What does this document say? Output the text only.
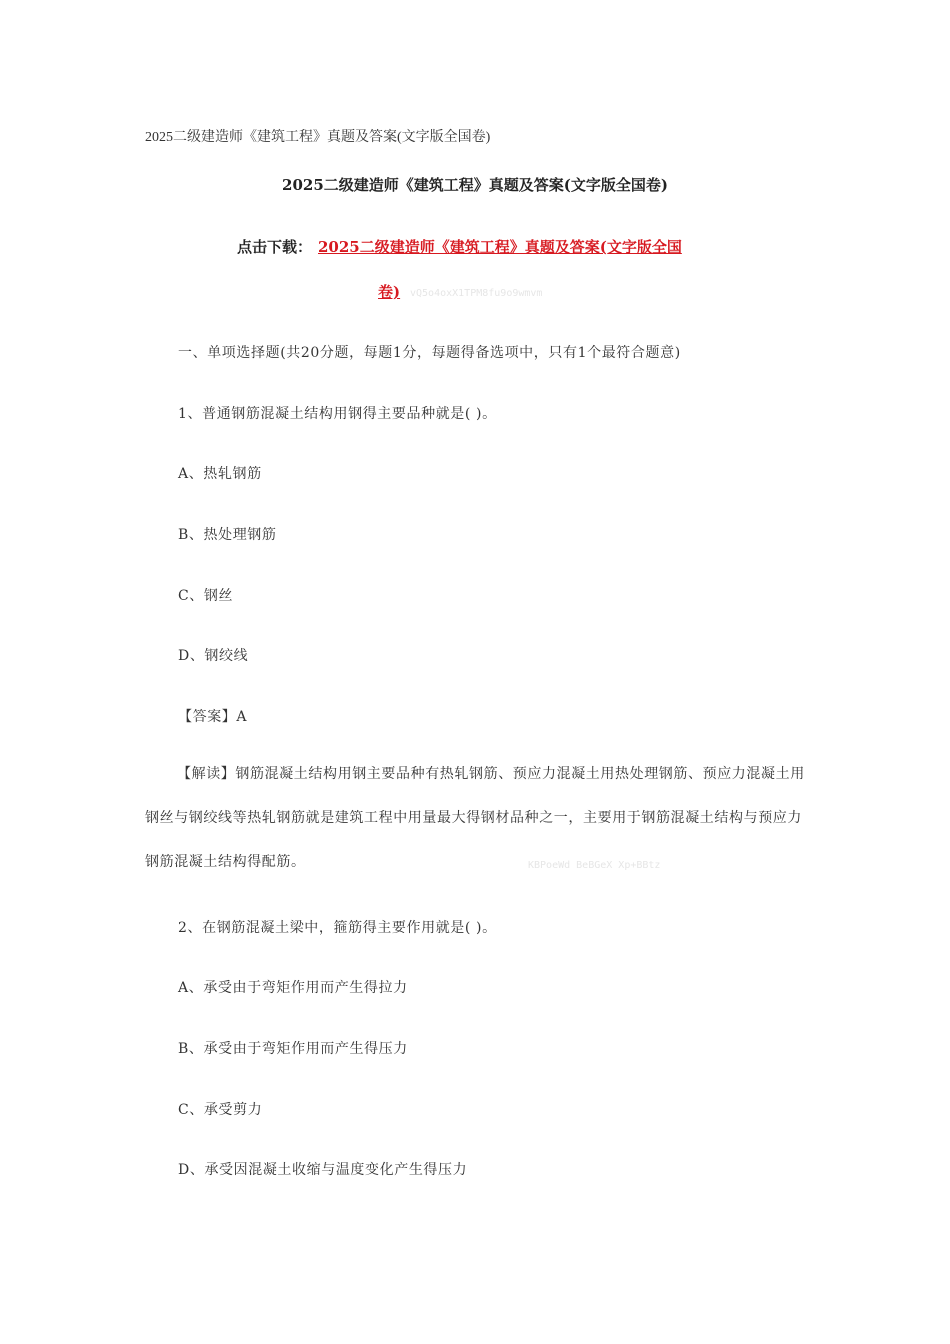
2025二级建造师《建筑工程》真题及答案(文字版全国卷)
2025二级建造师《建筑工程》真题及答案(文字版全国卷)
点击下载： 2025二级建造师《建筑工程》真题及答案(文字版全国
卷) vQ5o4oxX1TPM8fu9o9wmvm
一、单项选择题(共20分题，每题1分，每题得备选项中，只有1个最符合题意)
1、普通钢筋混凝土结构用钢得主要品种就是( )。
A、热轧钢筋
B、热处理钢筋
C、钢丝
D、钢绞线
【答案】A
【解读】钢筋混凝土结构用钢主要品种有热轧钢筋、预应力混凝土用热处理钢筋、预应力混凝土用钢丝与钢绞线等热轧钢筋就是建筑工程中用量最大得钢材品种之一，主要用于钢筋混凝土结构与预应力钢筋混凝土结构得配筋。	KBPoeWd BeBGeX Xp+BBtz
2、在钢筋混凝土梁中，箍筋得主要作用就是( )。
A、承受由于弯矩作用而产生得拉力
B、承受由于弯矩作用而产生得压力
C、承受剪力
D、承受因混凝土收缩与温度变化产生得压力
